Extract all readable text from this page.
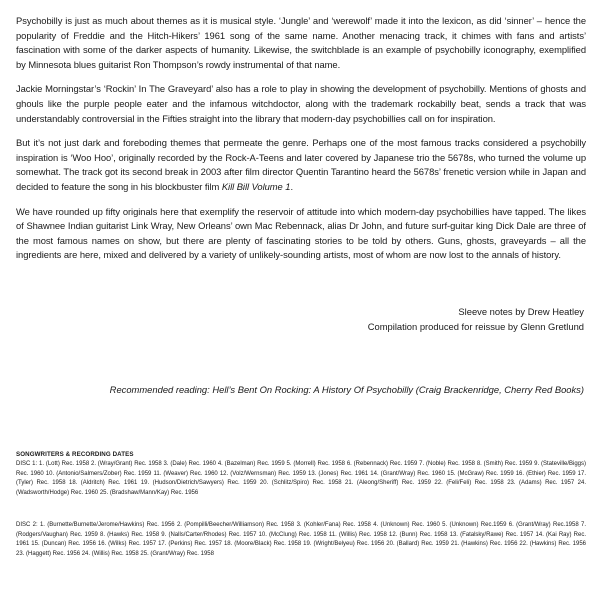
Psychobilly is just as much about themes as it is musical style. ‘Jungle’ and ‘werewolf’ made it into the lexicon, as did ‘sinner’ – hence the popularity of Freddie and the Hitch-Hikers’ 1961 song of the same name. Another menacing track, it chimes with fans and artists’ fascination with some of the darker aspects of humanity. Likewise, the switchblade is an example of psychobilly iconography, exemplified by Minnesota blues guitarist Ron Thompson’s rowdy instrumental of that name.

Jackie Morningstar’s ‘Rockin’ In The Graveyard’ also has a role to play in showing the development of psychobilly. Mentions of ghosts and ghouls like the purple people eater and the infamous witchdoctor, along with the trademark rockabilly beat, sends a track that was understandably controversial in the Fifties straight into the library that modern-day psychobillies call on for inspiration.

But it’s not just dark and foreboding themes that permeate the genre. Perhaps one of the most famous tracks considered a psychobilly inspiration is ‘Woo Hoo’, originally recorded by the Rock-A-Teens and later covered by Japanese trio the 5678s, who turned the volume up somewhat. The track got its second break in 2003 after film director Quentin Tarantino heard the 5678s’ frenetic version while in Japan and decided to feature the song in his blockbuster film Kill Bill Volume 1.

We have rounded up fifty originals here that exemplify the reservoir of attitude into which modern-day psychobillies have tapped. The likes of Shawnee Indian guitarist Link Wray, New Orleans’ own Mac Rebennack, alias Dr John, and future surf-guitar king Dick Dale are three of the most famous names on show, but there are plenty of fascinating stories to be told by others. Guns, ghosts, graveyards – all the ingredients are here, mixed and delivered by a variety of unlikely-sounding artists, most of whom are now lost to the annals of history.

Sleeve notes by Drew Heatley
Compilation produced for reissue by Glenn Gretlund
Recommended reading: Hell’s Bent On Rocking: A History Of Psychobilly (Craig Brackenridge, Cherry Red Books)
SONGWRITERS & RECORDING DATES
DISC 1: 1. (Lott) Rec. 1958 2. (Wray/Grant) Rec. 1958 3. (Dale) Rec. 1960 4. (Bazelman) Rec. 1959 5. (Morrell) Rec. 1958 6. (Rebennack) Rec. 1959 7. (Noble) Rec. 1958 8. (Smith) Rec. 1959 9. (Stateville/Biggs) Rec. 1960 10. (Antonio/Salmers/Zober) Rec. 1959 11. (Weaver) Rec. 1960 12. (Volz/Wernsman) Rec. 1959 13. (Jones) Rec. 1961 14. (Grant/Wray) Rec. 1960 15. (McGraw) Rec. 1959 16. (Ethier) Rec. 1959 17. (Tyler) Rec. 1958 18. (Aldritch) Rec. 1961 19. (Hudson/Dietrich/Sawyers) Rec. 1959 20. (Schlitz/Spiro) Rec. 1958 21. (Aleong/Sheriff) Rec. 1959 22. (Feli/Feli) Rec. 1958 23. (Adams) Rec. 1957 24. (Wadsworth/Hodge) Rec. 1960 25. (Bradshaw/Mann/Kay) Rec. 1956
DISC 2: 1. (Burnette/Burnette/Jerome/Hawkins) Rec. 1956 2. (Pompilli/Beecher/Williamson) Rec. 1958 3. (Kohler/Fana) Rec. 1958 4. (Unknown) Rec. 1960 5. (Unknown) Rec.1959 6. (Grant/Wray) Rec.1958 7. (Rodgers/Vaughan) Rec. 1959 8. (Hawks) Rec. 1958 9. (Nalls/Carter/Rhodes) Rec. 1957 10. (McClung) Rec. 1958 11. (Willis) Rec. 1958 12. (Bunn) Rec. 1958 13. (Fatalsky/Rawe) Rec. 1957 14. (Kai Ray) Rec. 1961 15. (Duncan) Rec. 1956 16. (Wilks) Rec. 1957 17. (Perkins) Rec. 1957 18. (Moore/Black) Rec. 1958 19. (Wright/Belyeu) Rec. 1956 20. (Ballard) Rec. 1959 21. (Hawkins) Rec. 1956 22. (Hawkins) Rec. 1956 23. (Haggett) Rec. 1956 24. (Willis) Rec. 1958 25. (Grant/Wray) Rec. 1958
